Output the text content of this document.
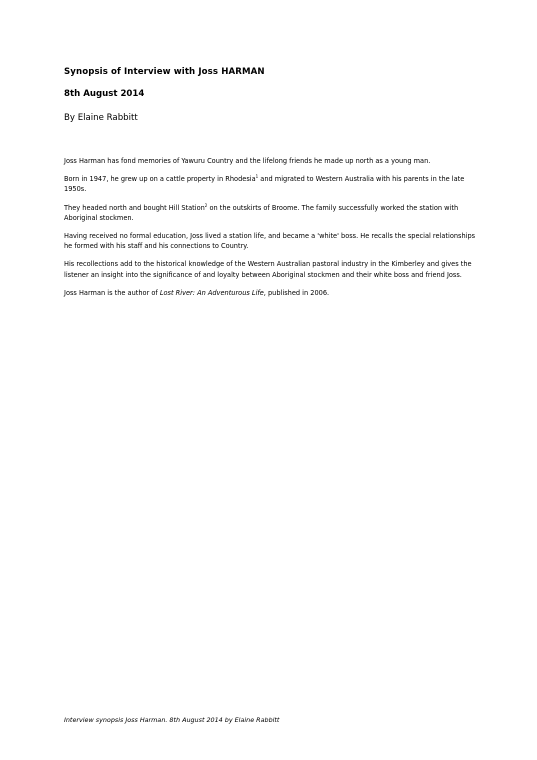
Synopsis of Interview with Joss HARMAN
8th August 2014
By Elaine Rabbitt

Joss Harman has fond memories of Yawuru Country and the lifelong friends he made up north as a young man.

Born in 1947, he grew up on a cattle property in Rhodesia$^1$ and migrated to Western Australia with his parents in the late 1950s.

They headed north and bought Hill Station$^2$ on the outskirts of Broome. The family successfully worked the station with Aboriginal stockmen.

Having received no formal education, Joss lived a station life, and became a 'white' boss. He recalls the special relationships he formed with his staff and his connections to Country.

His recollections add to the historical knowledge of the Western Australian pastoral industry in the Kimberley and gives the listener an insight into the significance of and loyalty between Aboriginal stockmen and their white boss and friend Joss.

Joss Harman is the author of Lost River: An Adventurous Life, published in 2006.

Interview synopsis Joss Harman. 8th August 2014 by Elaine Rabbitt
